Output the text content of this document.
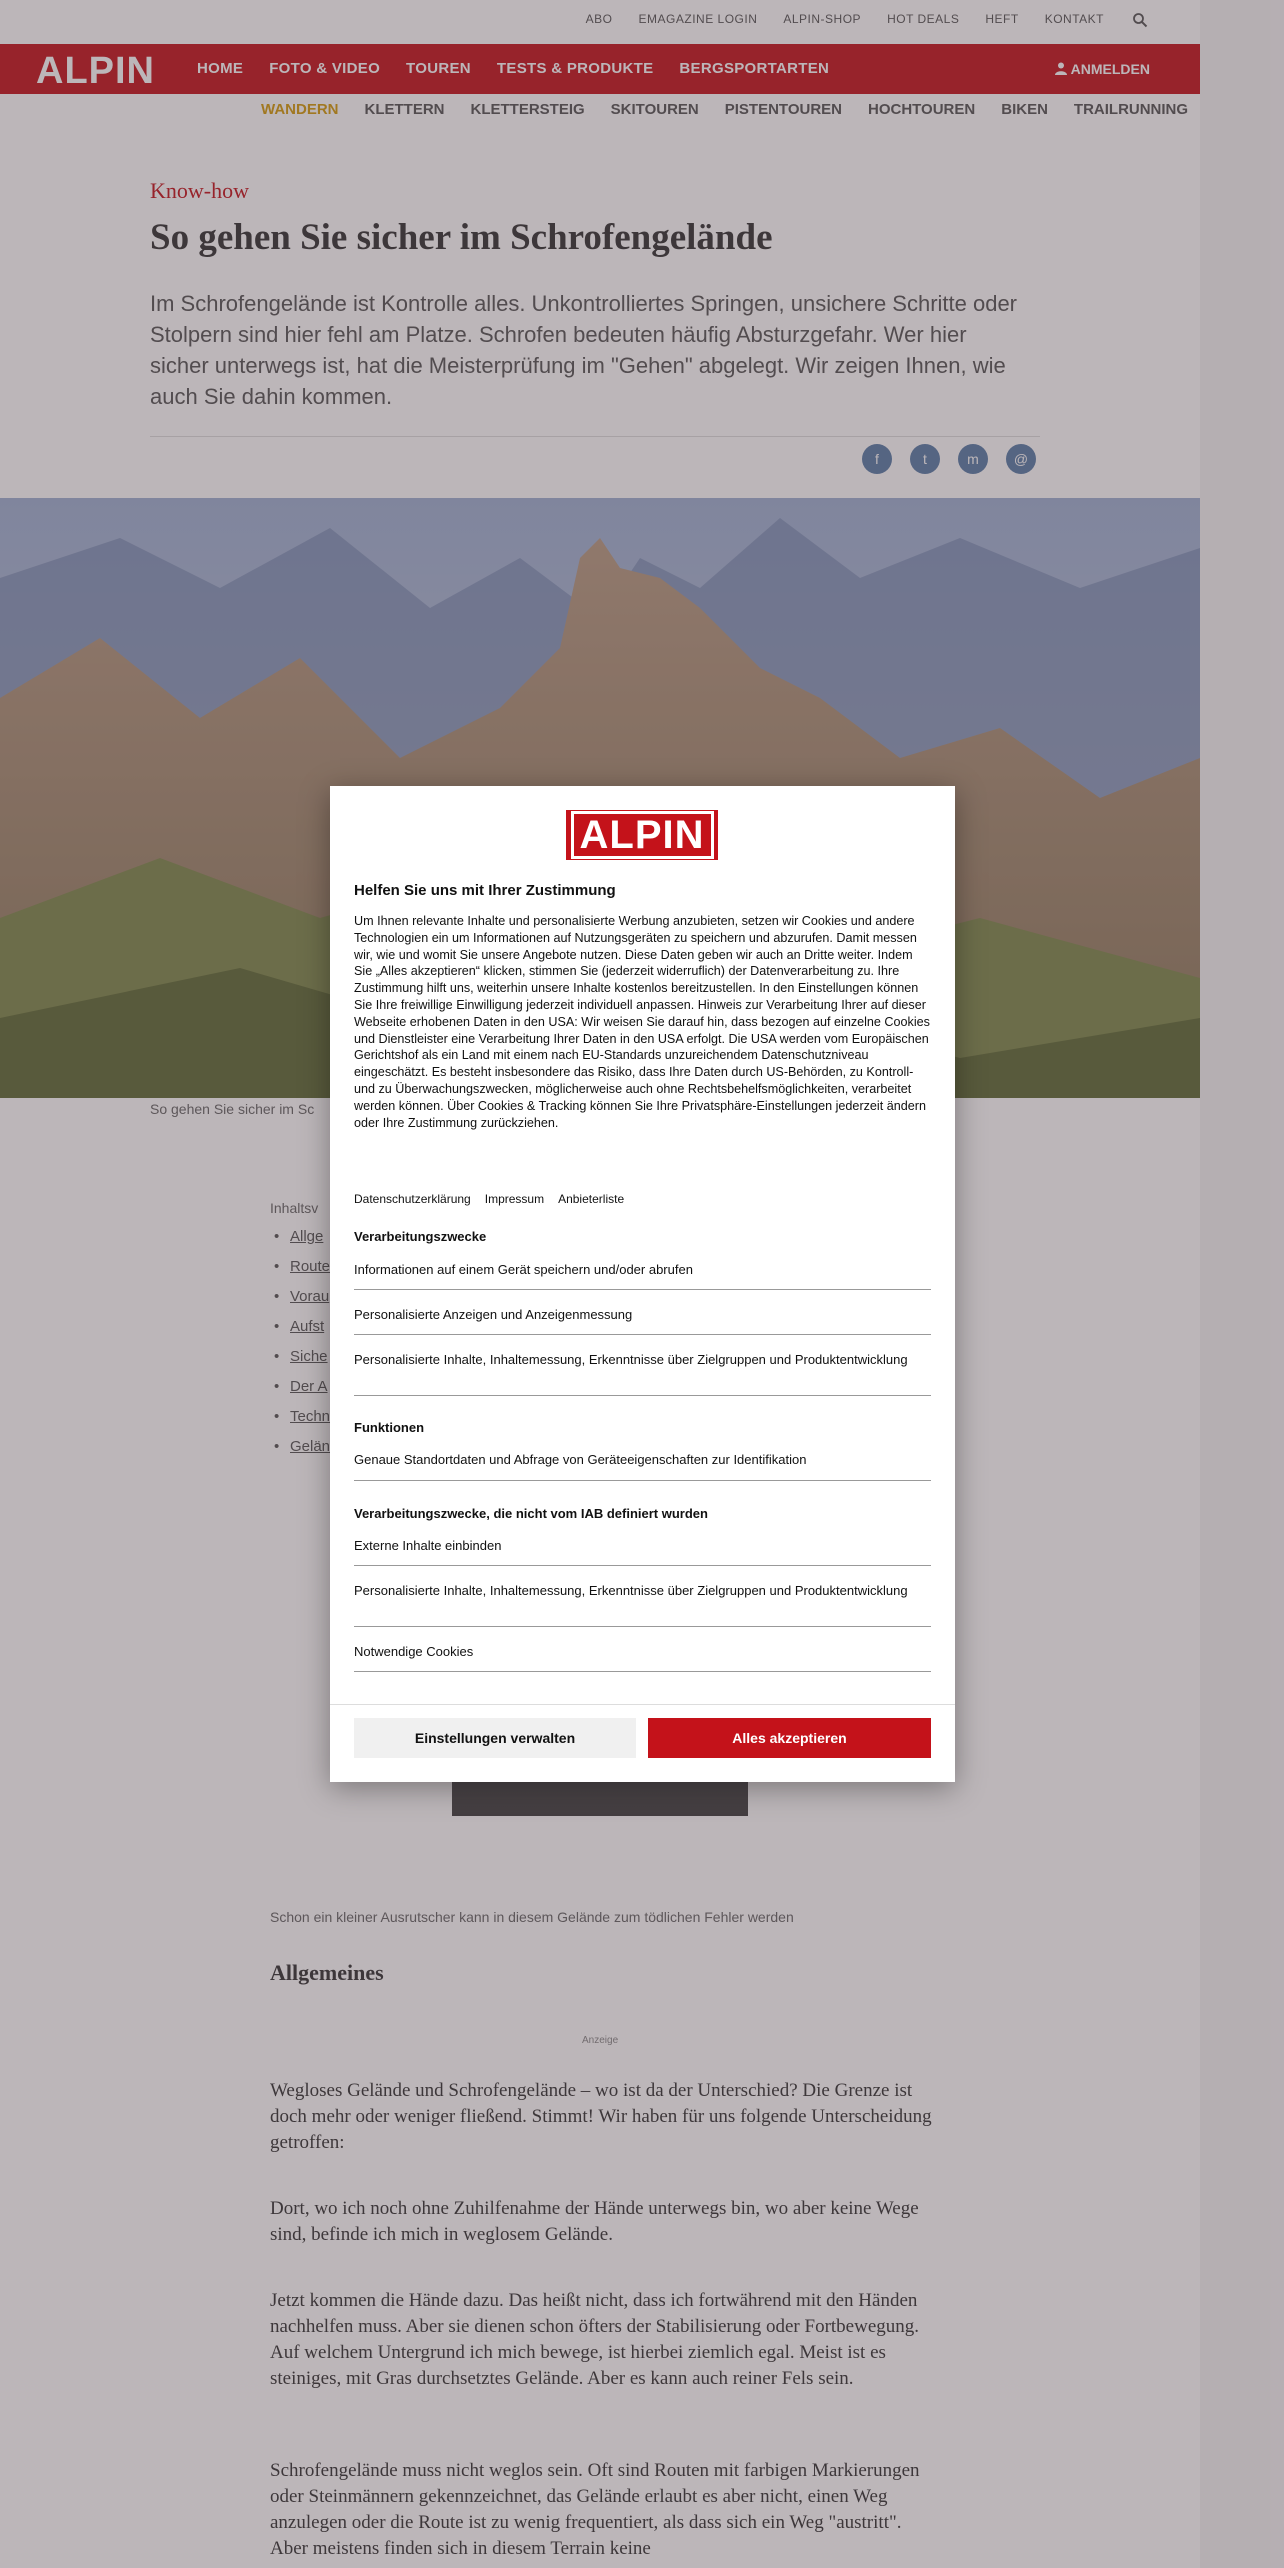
ABO EMAGAZINE LOGIN ALPIN-SHOP HOT DEALS HEFT KONTAKT
ALPIN	HOME	FOTO & VIDEO	TOUREN	TESTS & PRODUKTE	BERGSPORTARTEN	ANMELDEN
WANDERN	KLETTERN	KLETTERSTEIG	SKITOUREN	PISTENTOUREN	HOCHTOUREN	BIKEN	TRAILRUNNING
Know-how
So gehen Sie sicher im Schrofengelände

Im Schrofengelände ist Kontrolle alles. Unkontrolliertes Springen, unsichere Schritte oder Stolpern sind hier fehl am Platze. Schrofen bedeuten häufig Absturzgefahr. Wer hier sicher unterwegs ist, hat die Meisterprüfung im "Gehen" abgelegt. Wir zeigen Ihnen, wie auch Sie dahin kommen.

f	t	m	@
So gehen Sie sicher im Sc
Inhaltsv
• Allge
• Route
• Vorau
• Aufst
• Siche
• Der A
• Techn
• Gelän
Schon ein kleiner Ausrutscher kann in diesem Gelände zum tödlichen Fehler werden
Allgemeines
Anzeige

Wegloses Gelände und Schrofengelände – wo ist da der Unterschied? Die Grenze ist doch mehr oder weniger fließend. Stimmt! Wir haben für uns folgende Unterscheidung getroffen:

Dort, wo ich noch ohne Zuhilfenahme der Hände unterwegs bin, wo aber keine Wege sind, befinde ich mich in weglosem Gelände.

Jetzt kommen die Hände dazu. Das heißt nicht, dass ich fortwährend mit den Händen nachhelfen muss. Aber sie dienen schon öfters der Stabilisierung oder Fortbewegung. Auf welchem Untergrund ich mich bewege, ist hierbei ziemlich egal. Meist ist es steiniges, mit Gras durchsetztes Gelände. Aber es kann auch reiner Fels sein.

Schrofengelände muss nicht weglos sein. Oft sind Routen mit farbigen Markierungen oder Steinmännern gekennzeichnet, das Gelände erlaubt es aber nicht, einen Weg anzulegen oder die Route ist zu wenig frequentiert, als dass sich ein Weg "austritt". Aber meistens finden sich in diesem Terrain keine

ALPIN
Helfen Sie uns mit Ihrer Zustimmung

Um Ihnen relevante Inhalte und personalisierte Werbung anzubieten, setzen wir Cookies und andere Technologien ein um Informationen auf Nutzungsgeräten zu speichern und abzurufen. Damit messen wir, wie und womit Sie unsere Angebote nutzen. Diese Daten geben wir auch an Dritte weiter. Indem Sie „Alles akzeptieren“ klicken, stimmen Sie (jederzeit widerruflich) der Datenverarbeitung zu. Ihre Zustimmung hilft uns, weiterhin unsere Inhalte kostenlos bereitzustellen. In den Einstellungen können Sie Ihre freiwillige Einwilligung jederzeit individuell anpassen. Hinweis zur Verarbeitung Ihrer auf dieser Webseite erhobenen Daten in den USA: Wir weisen Sie darauf hin, dass bezogen auf einzelne Cookies und Dienstleister eine Verarbeitung Ihrer Daten in den USA erfolgt. Die USA werden vom Europäischen Gerichtshof als ein Land mit einem nach EU-Standards unzureichendem Datenschutzniveau eingeschätzt. Es besteht insbesondere das Risiko, dass Ihre Daten durch US-Behörden, zu Kontroll- und zu Überwachungszwecken, möglicherweise auch ohne Rechtsbehelfsmöglichkeiten, verarbeitet werden können. Über Cookies & Tracking können Sie Ihre Privatsphäre-Einstellungen jederzeit ändern oder Ihre Zustimmung zurückziehen.

Datenschutzerklärung Impressum Anbieterliste
Verarbeitungszwecke
Informationen auf einem Gerät speichern und/oder abrufen
Personalisierte Anzeigen und Anzeigenmessung
Personalisierte Inhalte, Inhaltemessung, Erkenntnisse über Zielgruppen und Produktentwicklung
Funktionen
Genaue Standortdaten und Abfrage von Geräteeigenschaften zur Identifikation
Verarbeitungszwecke, die nicht vom IAB definiert wurden
Externe Inhalte einbinden
Personalisierte Inhalte, Inhaltemessung, Erkenntnisse über Zielgruppen und Produktentwicklung
Notwendige Cookies
Einstellungen verwalten	Alles akzeptieren
